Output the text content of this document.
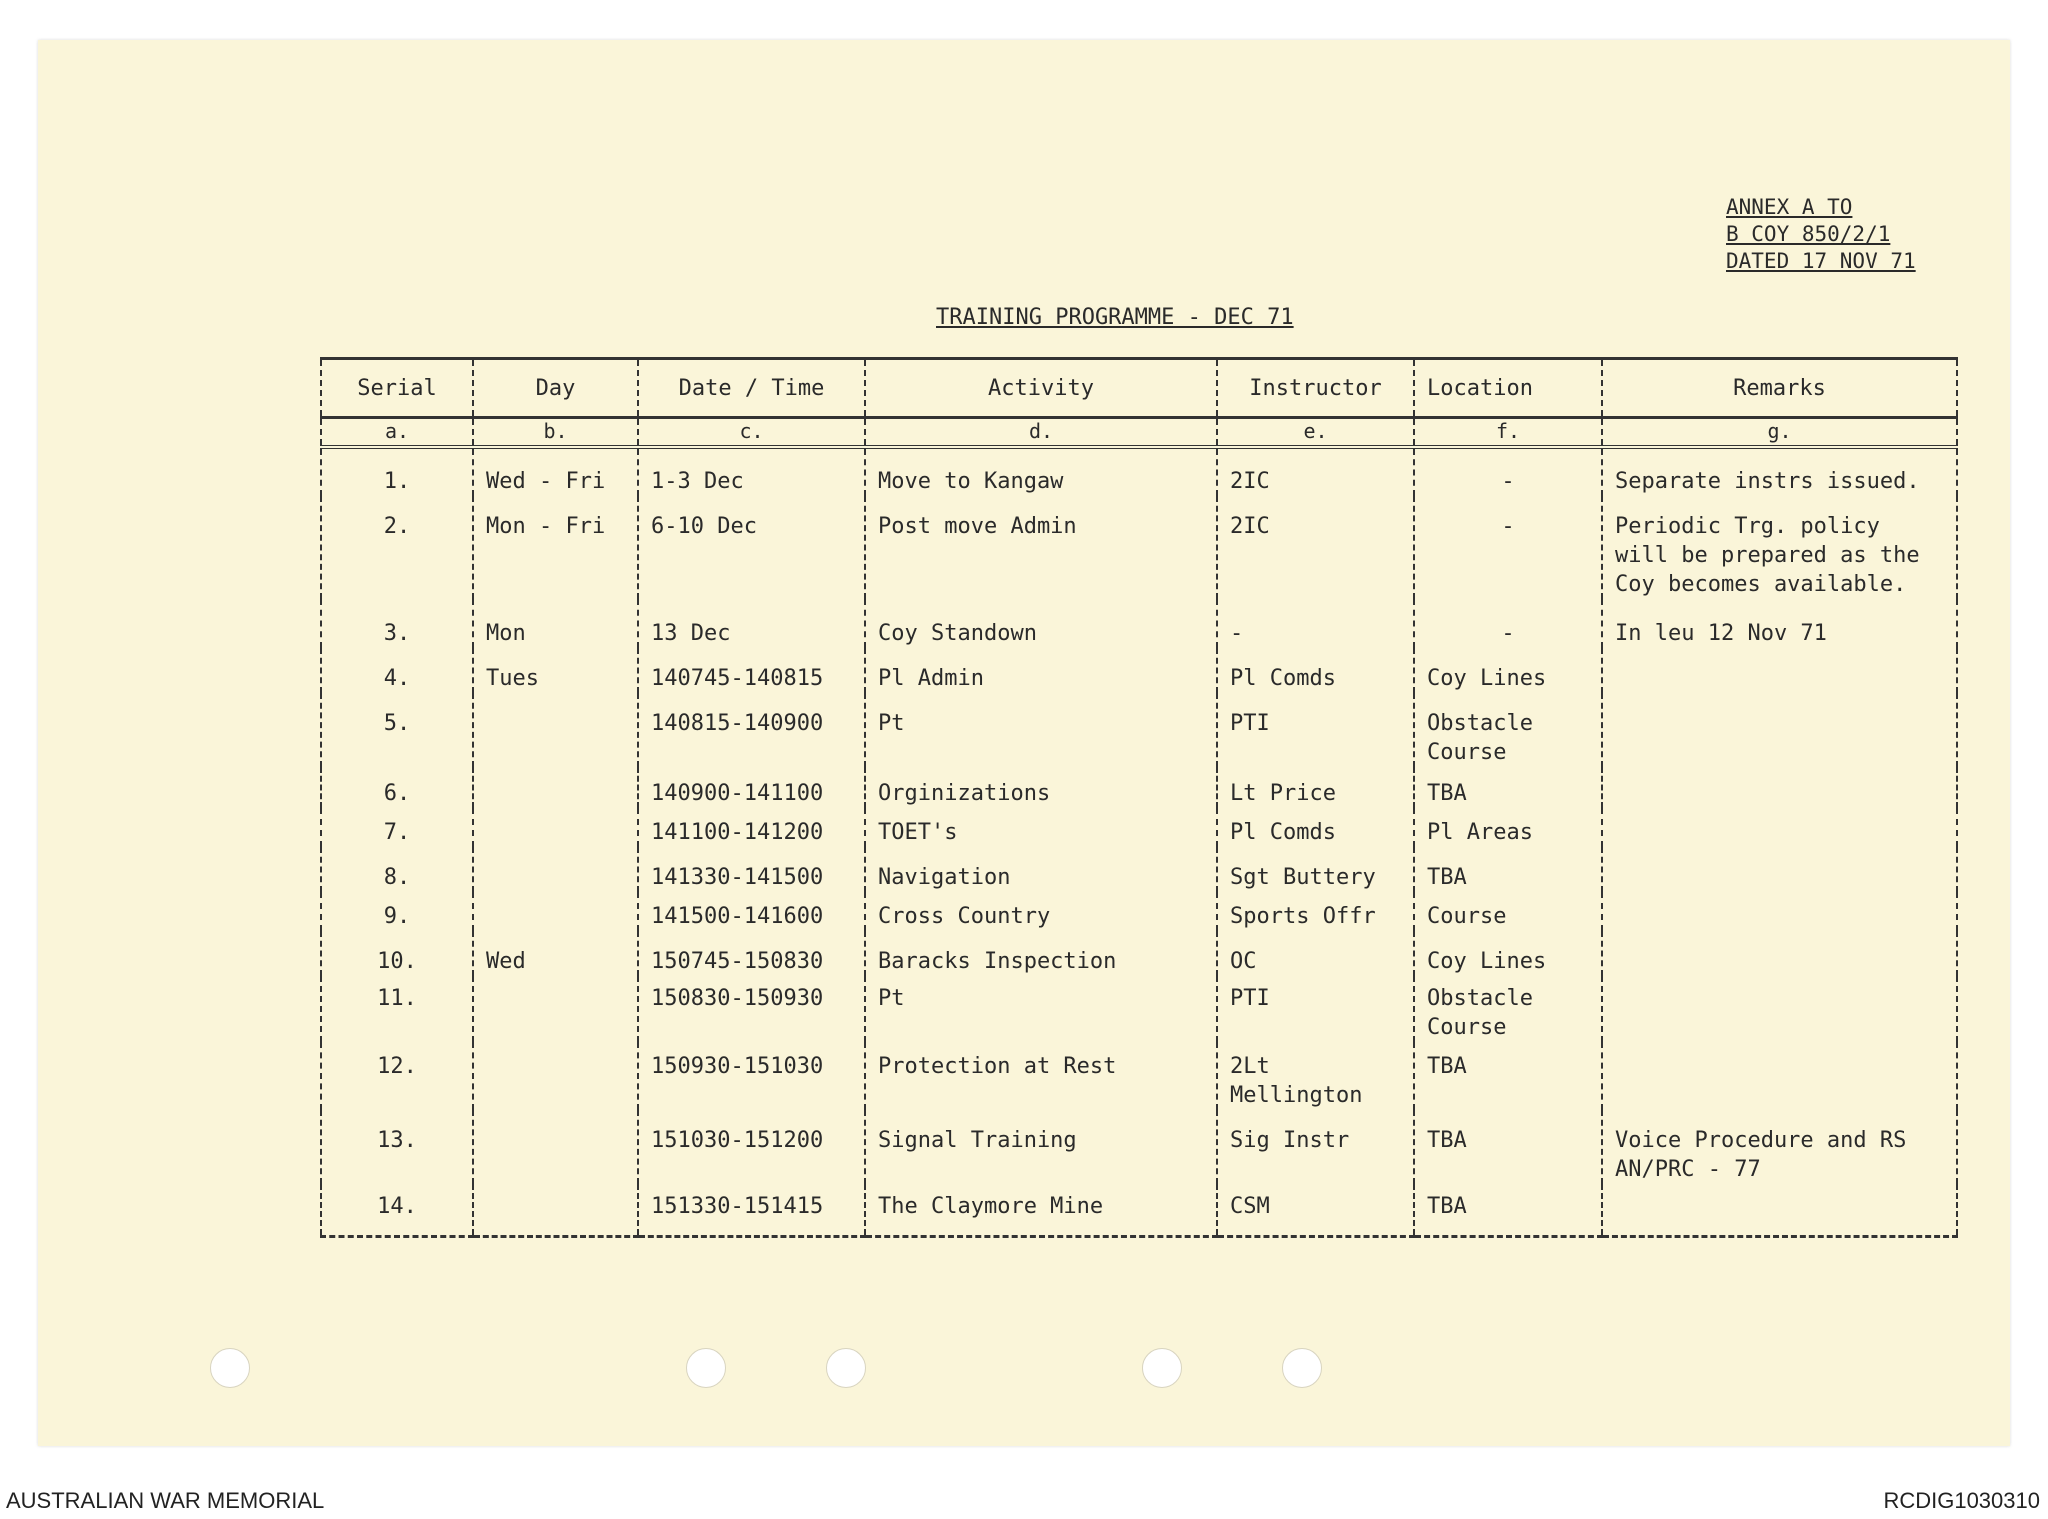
ANNEX A TO
B COY 850/2/1
DATED 17 NOV 71
TRAINING PROGRAMME - DEC 71
Serial	Day	Date / Time	Activity	Instructor	Location	Remarks
a.	b.	c.	d.	e.	f.	g.

1.	Wed - Fri	1-3 Dec	Move to Kangaw	2IC	-	Separate instrs issued.

2.	Mon - Fri	6-10 Dec	Post move Admin	2IC	-	Periodic Trg. policy will be prepared as the Coy becomes available.

3.	Mon	13 Dec	Coy Standown	-	-	In leu 12 Nov 71

4.	Tues	140745-140815	Pl Admin	Pl Comds	Coy Lines	

5.		140815-140900	Pt	PTI	Obstacle Course	

6.		140900-141100	Orginizations	Lt Price	TBA	

7.		141100-141200	TOET's	Pl Comds	Pl Areas	

8.		141330-141500	Navigation	Sgt Buttery	TBA	

9.		141500-141600	Cross Country	Sports Offr	Course	

10.	Wed	150745-150830	Baracks Inspection	OC	Coy Lines	

11.		150830-150930	Pt	PTI	Obstacle Course	

12.		150930-151030	Protection at Rest	2Lt Mellington	TBA	

13.		151030-151200	Signal Training	Sig Instr	TBA	Voice Procedure and RS AN/PRC - 77

14.		151330-151415	The Claymore Mine	CSM	TBA	

AUSTRALIAN WAR MEMORIAL	RCDIG1030310
